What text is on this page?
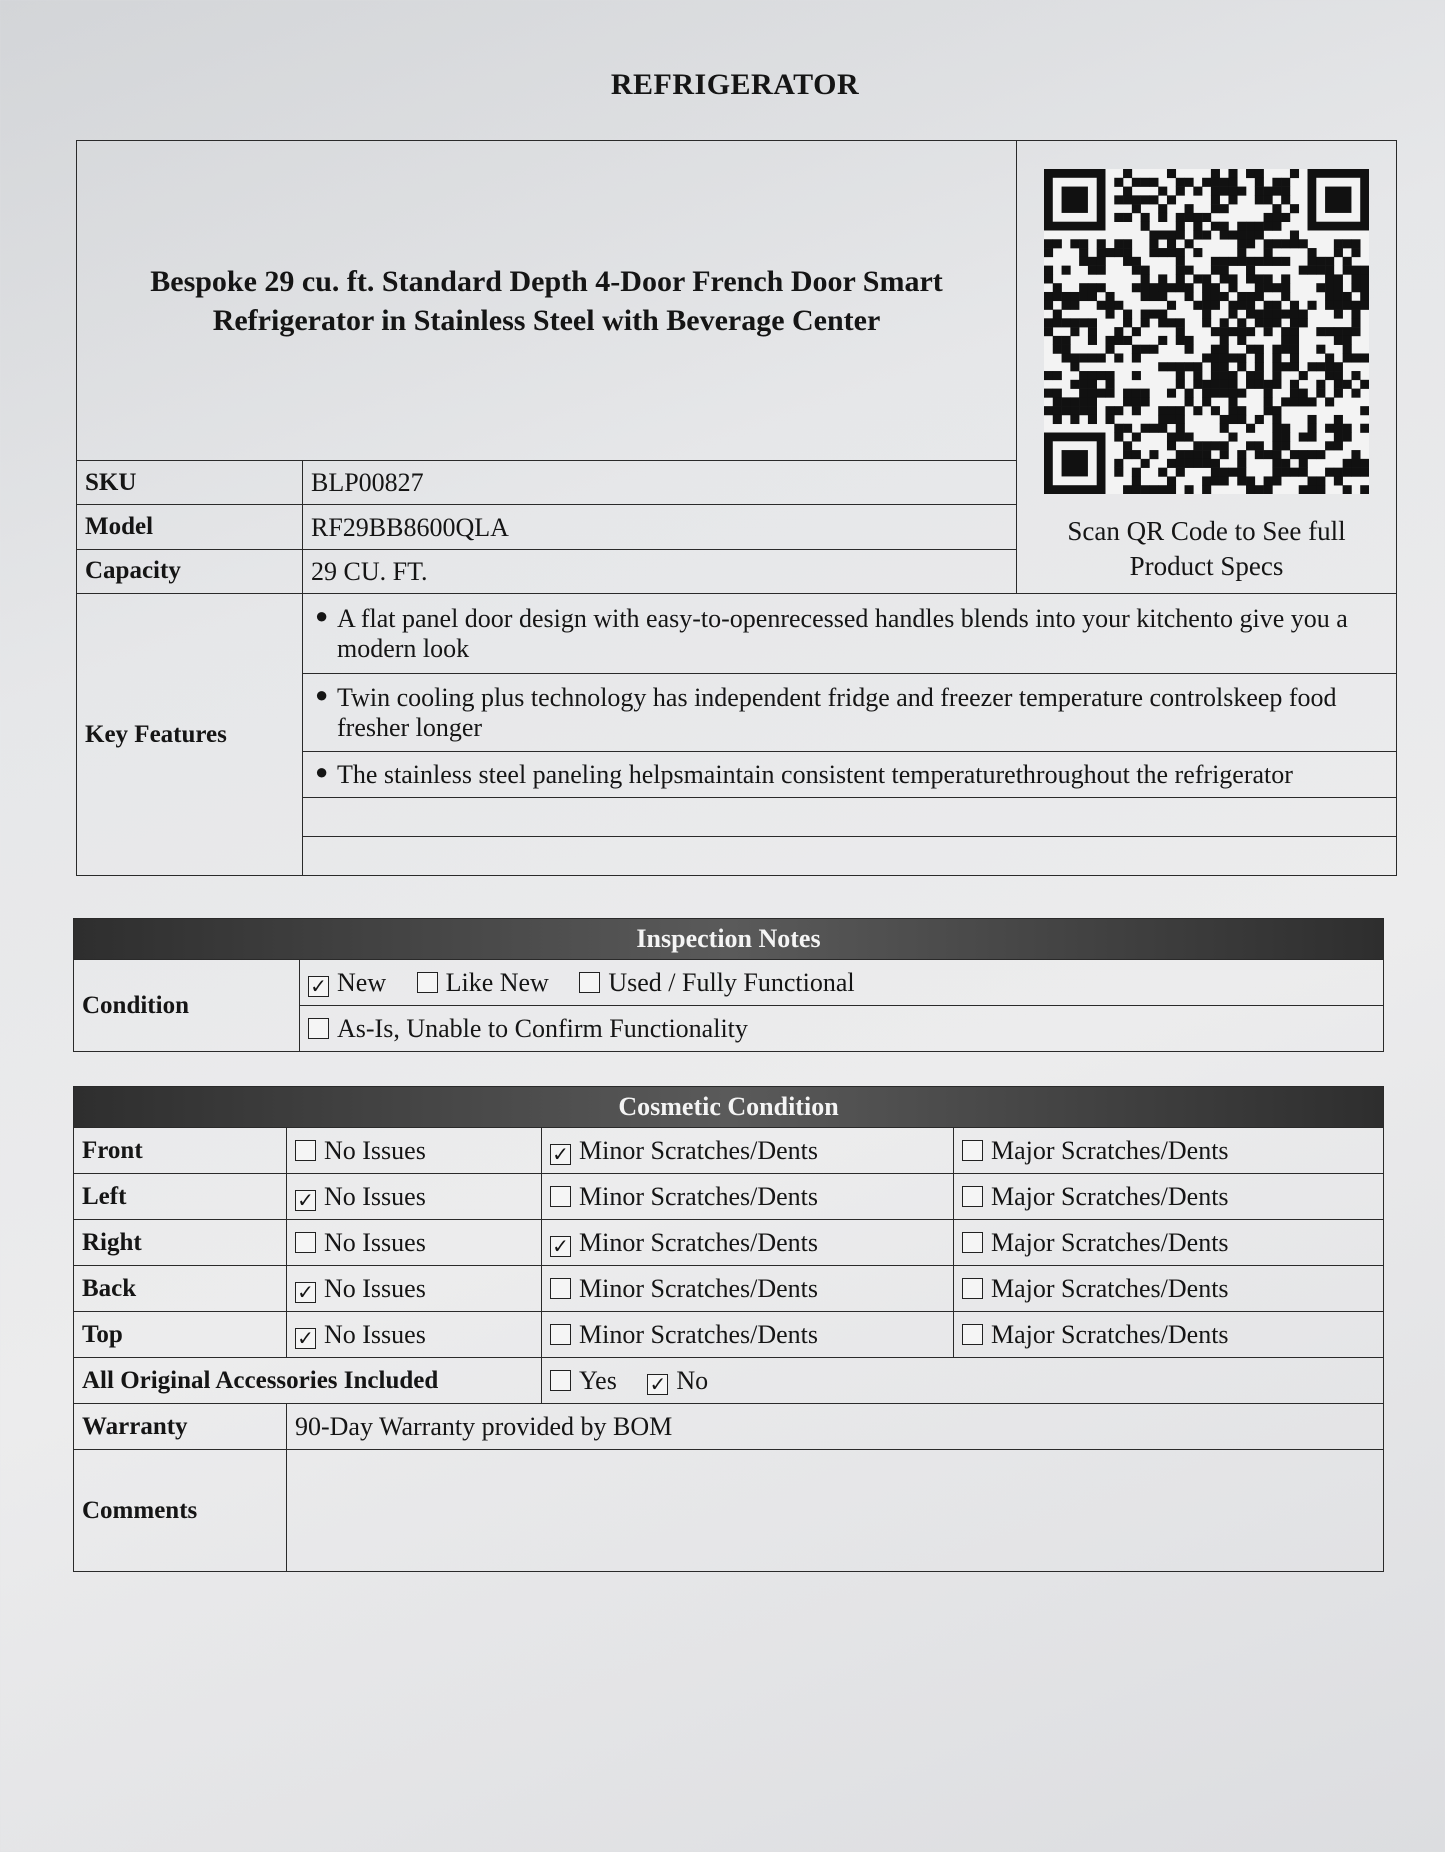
REFRIGERATOR
Bespoke 29 cu. ft. Standard Depth 4-Door French Door Smart Refrigerator in Stainless Steel with Beverage Center		Scan QR Code to See full Product Specs

SKU	BLP00827	
Model	RF29BB8600QLA	
Capacity	29 CU. FT.	
Key Features	● A flat panel door design with easy-to-openrecessed handles blends into your kitchento give you a modern look	

	● Twin cooling plus technology has independent fridge and freezer temperature controlskeep food fresher longer	

	● The stainless steel paneling helpsmaintain consistent temperaturethroughout the refrigerator	

Inspection Notes
Condition	✓ New Like New Used / Fully Functional
As-Is, Unable to Confirm Functionality
Cosmetic Condition			
Front	No Issues	✓ Minor Scratches/Dents	Major Scratches/Dents
Left	✓ No Issues	Minor Scratches/Dents	Major Scratches/Dents
Right	No Issues	✓ Minor Scratches/Dents	Major Scratches/Dents
Back	✓ No Issues	Minor Scratches/Dents	Major Scratches/Dents
Top	✓ No Issues	Minor Scratches/Dents	Major Scratches/Dents
All Original Accessories Included		Yes ✓ No	
Warranty	90-Day Warranty provided by BOM		
Comments			
